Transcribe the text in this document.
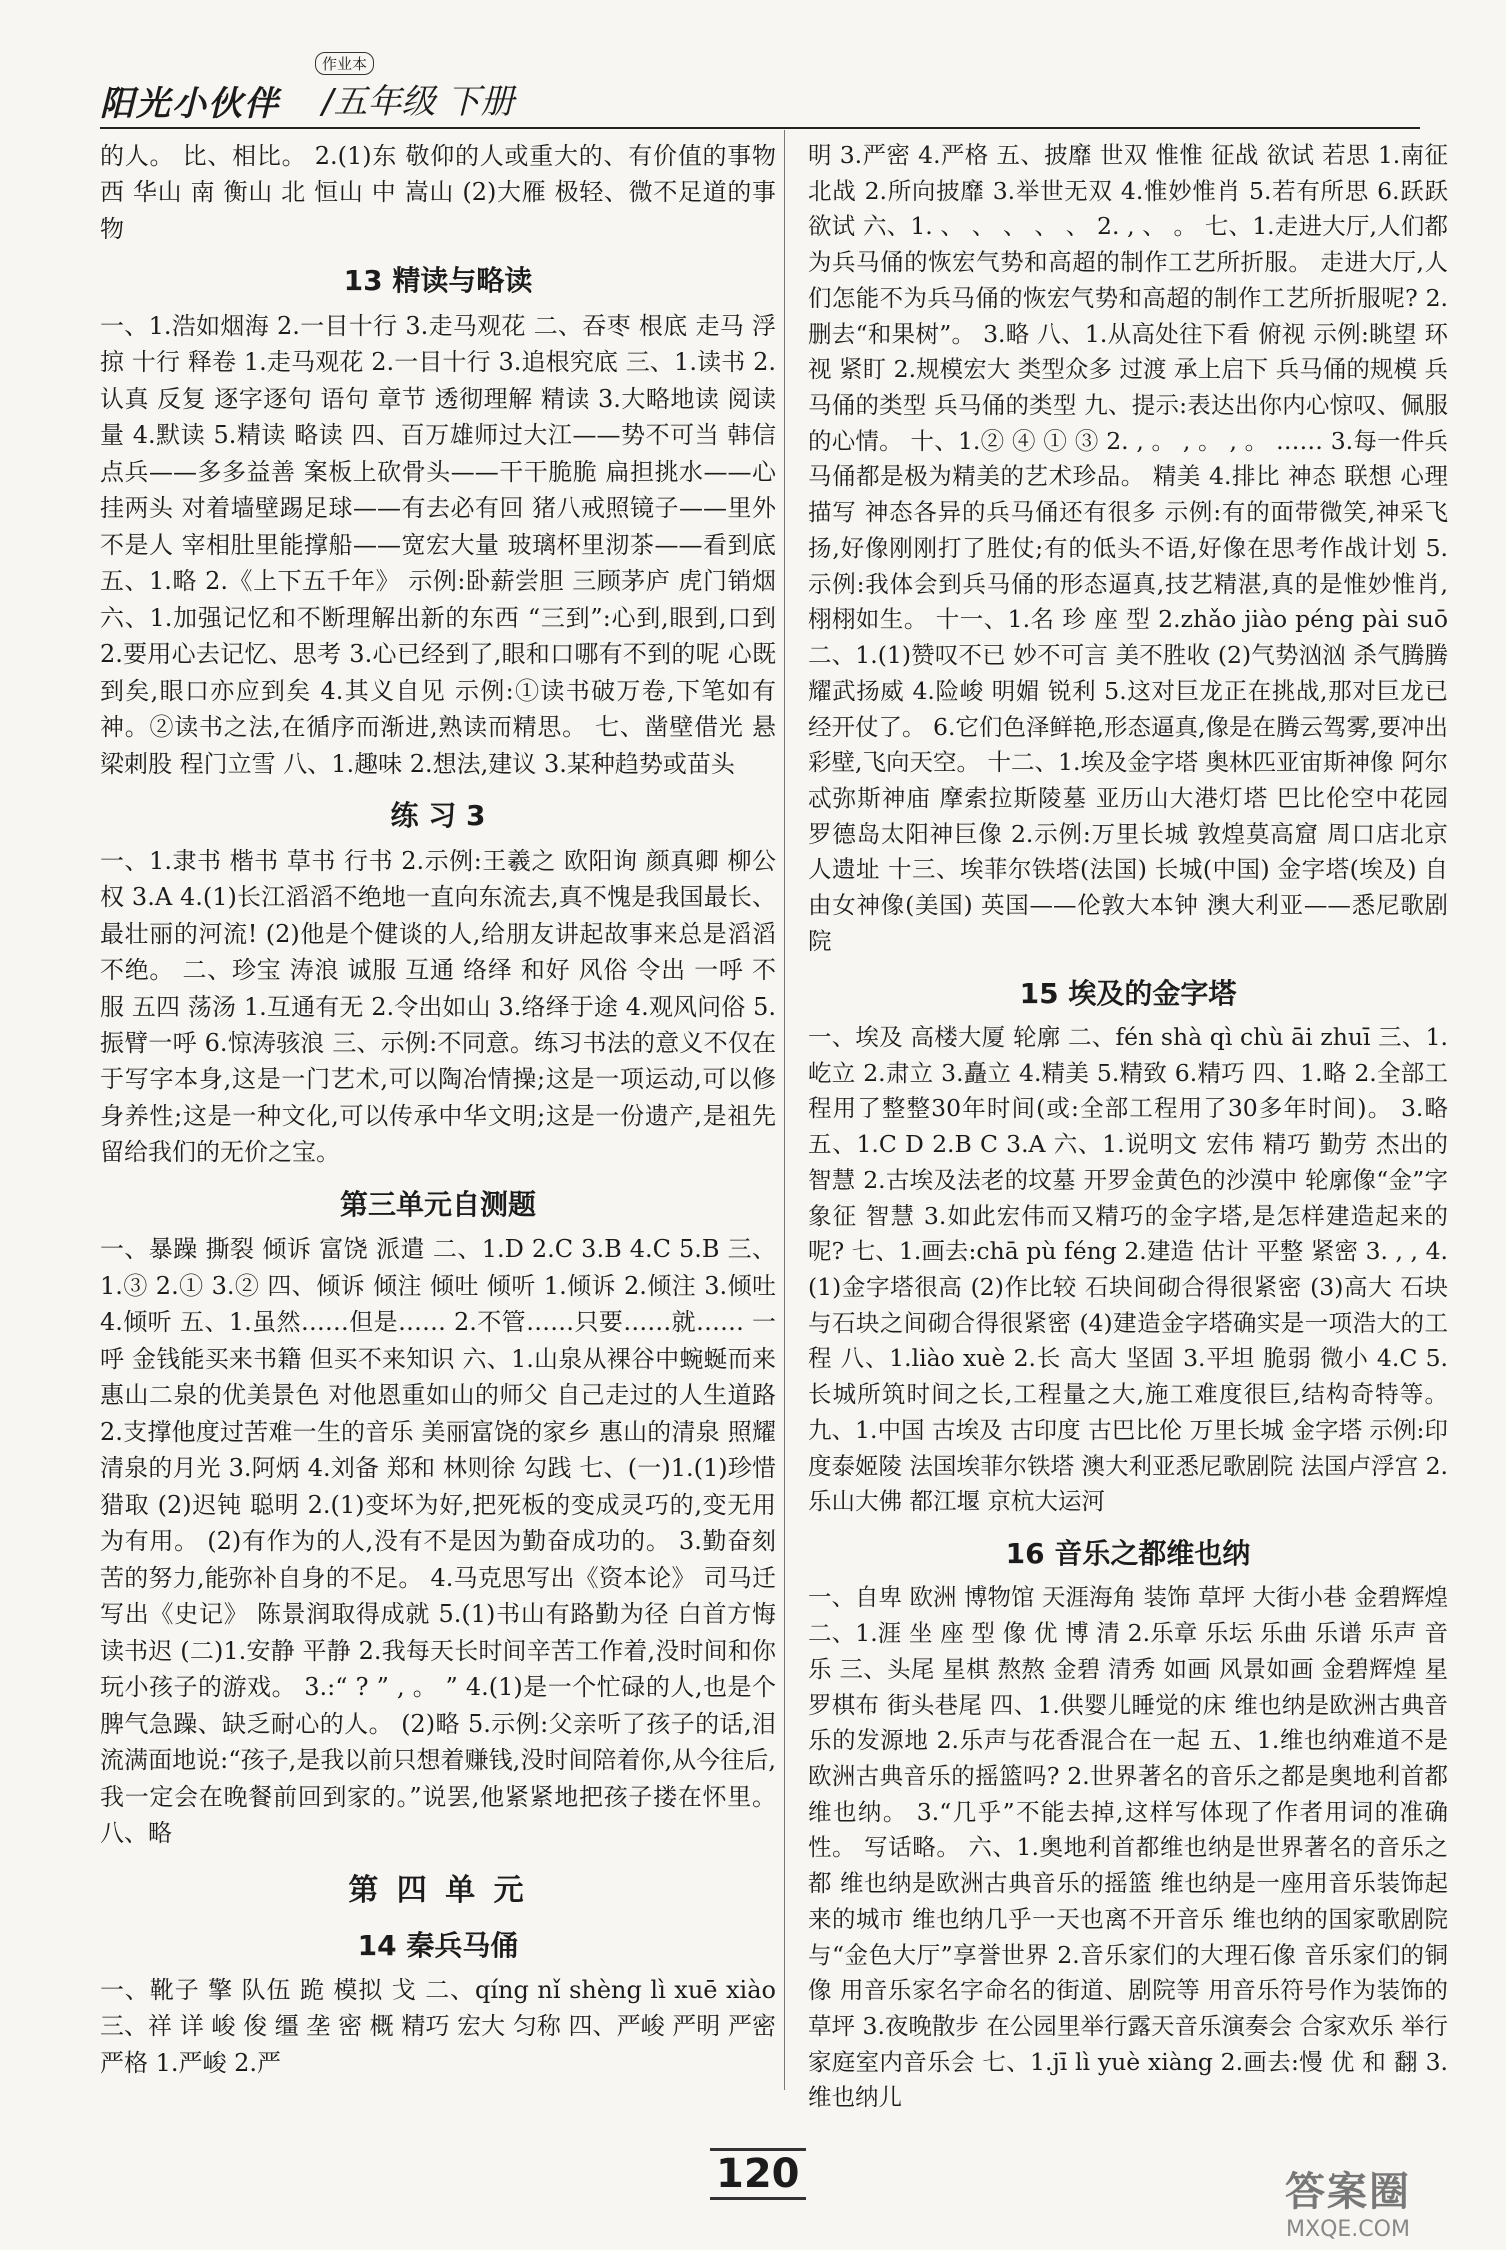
阳光小伙伴
作业本
/五年级 下册

的人。 比、相比。 2.(1)东 敬仰的人或重大的、有价值的事物 西 华山 南 衡山 北 恒山 中 嵩山 (2)大雁 极轻、微不足道的事物

13 精读与略读

一、1.浩如烟海 2.一目十行 3.走马观花 二、吞枣 根底 走马 浮掠 十行 释卷 1.走马观花 2.一目十行 3.追根究底 三、1.读书 2.认真 反复 逐字逐句 语句 章节 透彻理解 精读 3.大略地读 阅读量 4.默读 5.精读 略读 四、百万雄师过大江——势不可当 韩信点兵——多多益善 案板上砍骨头——干干脆脆 扁担挑水——心挂两头 对着墙壁踢足球——有去必有回 猪八戒照镜子——里外不是人 宰相肚里能撑船——宽宏大量 玻璃杯里沏茶——看到底 五、1.略 2.《上下五千年》 示例:卧薪尝胆 三顾茅庐 虎门销烟 六、1.加强记忆和不断理解出新的东西 “三到”:心到,眼到,口到 2.要用心去记忆、思考 3.心已经到了,眼和口哪有不到的呢 心既到矣,眼口亦应到矣 4.其义自见 示例:①读书破万卷,下笔如有神。②读书之法,在循序而渐进,熟读而精思。 七、凿壁借光 悬梁刺股 程门立雪 八、1.趣味 2.想法,建议 3.某种趋势或苗头

练 习 3

一、1.隶书 楷书 草书 行书 2.示例:王羲之 欧阳询 颜真卿 柳公权 3.A 4.(1)长江滔滔不绝地一直向东流去,真不愧是我国最长、最壮丽的河流! (2)他是个健谈的人,给朋友讲起故事来总是滔滔不绝。 二、珍宝 涛浪 诚服 互通 络绎 和好 风俗 令出 一呼 不服 五四 荡汤 1.互通有无 2.令出如山 3.络绎于途 4.观风问俗 5.振臂一呼 6.惊涛骇浪 三、示例:不同意。练习书法的意义不仅在于写字本身,这是一门艺术,可以陶冶情操;这是一项运动,可以修身养性;这是一种文化,可以传承中华文明;这是一份遗产,是祖先留给我们的无价之宝。

第三单元自测题

一、暴躁 撕裂 倾诉 富饶 派遣 二、1.D 2.C 3.B 4.C 5.B 三、1.③ 2.① 3.② 四、倾诉 倾注 倾吐 倾听 1.倾诉 2.倾注 3.倾吐 4.倾听 五、1.虽然……但是…… 2.不管……只要……就…… 一呼 金钱能买来书籍 但买不来知识 六、1.山泉从裸谷中蜿蜒而来 惠山二泉的优美景色 对他恩重如山的师父 自己走过的人生道路 2.支撑他度过苦难一生的音乐 美丽富饶的家乡 惠山的清泉 照耀清泉的月光 3.阿炳 4.刘备 郑和 林则徐 勾践 七、(一)1.(1)珍惜 猎取 (2)迟钝 聪明 2.(1)变坏为好,把死板的变成灵巧的,变无用为有用。 (2)有作为的人,没有不是因为勤奋成功的。 3.勤奋刻苦的努力,能弥补自身的不足。 4.马克思写出《资本论》 司马迁写出《史记》 陈景润取得成就 5.(1)书山有路勤为径 白首方悔读书迟 (二)1.安静 平静 2.我每天长时间辛苦工作着,没时间和你玩小孩子的游戏。 3.:“ ? ” , 。 ” 4.(1)是一个忙碌的人,也是个脾气急躁、缺乏耐心的人。 (2)略 5.示例:父亲听了孩子的话,泪流满面地说:“孩子,是我以前只想着赚钱,没时间陪着你,从今往后,我一定会在晚餐前回到家的。”说罢,他紧紧地把孩子搂在怀里。 八、略

第 四 单 元
14 秦兵马俑

一、靴子 擎 队伍 跪 模拟 戈 二、qíng nǐ shèng lì xuē xiào 三、祥 详 峻 俊 缰 垄 密 概 精巧 宏大 匀称 四、严峻 严明 严密 严格 1.严峻 2.严

明 3.严密 4.严格 五、披靡 世双 惟惟 征战 欲试 若思 1.南征北战 2.所向披靡 3.举世无双 4.惟妙惟肖 5.若有所思 6.跃跃欲试 六、1. 、 、 、 、 、 2. , 、 。 七、1.走进大厅,人们都为兵马俑的恢宏气势和高超的制作工艺所折服。 走进大厅,人们怎能不为兵马俑的恢宏气势和高超的制作工艺所折服呢? 2.删去“和果树”。 3.略 八、1.从高处往下看 俯视 示例:眺望 环视 紧盯 2.规模宏大 类型众多 过渡 承上启下 兵马俑的规模 兵马俑的类型 兵马俑的类型 九、提示:表达出你内心惊叹、佩服的心情。 十、1.② ④ ① ③ 2. , 。 , 。 , 。 …… 3.每一件兵马俑都是极为精美的艺术珍品。 精美 4.排比 神态 联想 心理描写 神态各异的兵马俑还有很多 示例:有的面带微笑,神采飞扬,好像刚刚打了胜仗;有的低头不语,好像在思考作战计划 5.示例:我体会到兵马俑的形态逼真,技艺精湛,真的是惟妙惟肖,栩栩如生。 十一、1.名 珍 座 型 2.zhǎo jiào péng pài suō 二、1.(1)赞叹不已 妙不可言 美不胜收 (2)气势汹汹 杀气腾腾 耀武扬威 4.险峻 明媚 锐利 5.这对巨龙正在挑战,那对巨龙已经开仗了。 6.它们色泽鲜艳,形态逼真,像是在腾云驾雾,要冲出彩壁,飞向天空。 十二、1.埃及金字塔 奥林匹亚宙斯神像 阿尔忒弥斯神庙 摩索拉斯陵墓 亚历山大港灯塔 巴比伦空中花园 罗德岛太阳神巨像 2.示例:万里长城 敦煌莫高窟 周口店北京人遗址 十三、埃菲尔铁塔(法国) 长城(中国) 金字塔(埃及) 自由女神像(美国) 英国——伦敦大本钟 澳大利亚——悉尼歌剧院

15 埃及的金字塔

一、埃及 高楼大厦 轮廓 二、fén shà qì chù āi zhuī 三、1.屹立 2.肃立 3.矗立 4.精美 5.精致 6.精巧 四、1.略 2.全部工程用了整整30年时间(或:全部工程用了30多年时间)。 3.略 五、1.C D 2.B C 3.A 六、1.说明文 宏伟 精巧 勤劳 杰出的智慧 2.古埃及法老的坟墓 开罗金黄色的沙漠中 轮廓像“金”字 象征 智慧 3.如此宏伟而又精巧的金字塔,是怎样建造起来的呢? 七、1.画去:chā pù féng 2.建造 估计 平整 紧密 3. , , 4.(1)金字塔很高 (2)作比较 石块间砌合得很紧密 (3)高大 石块与石块之间砌合得很紧密 (4)建造金字塔确实是一项浩大的工程 八、1.liào xuè 2.长 高大 坚固 3.平坦 脆弱 微小 4.C 5.长城所筑时间之长,工程量之大,施工难度很巨,结构奇特等。 九、1.中国 古埃及 古印度 古巴比伦 万里长城 金字塔 示例:印度泰姬陵 法国埃菲尔铁塔 澳大利亚悉尼歌剧院 法国卢浮宫 2.乐山大佛 都江堰 京杭大运河

16 音乐之都维也纳

一、自卑 欧洲 博物馆 天涯海角 装饰 草坪 大街小巷 金碧辉煌 二、1.涯 坐 座 型 像 优 博 清 2.乐章 乐坛 乐曲 乐谱 乐声 音乐 三、头尾 星棋 熬熬 金碧 清秀 如画 风景如画 金碧辉煌 星罗棋布 街头巷尾 四、1.供婴儿睡觉的床 维也纳是欧洲古典音乐的发源地 2.乐声与花香混合在一起 五、1.维也纳难道不是欧洲古典音乐的摇篮吗? 2.世界著名的音乐之都是奥地利首都维也纳。 3.“几乎”不能去掉,这样写体现了作者用词的准确性。 写话略。 六、1.奥地利首都维也纳是世界著名的音乐之都 维也纳是欧洲古典音乐的摇篮 维也纳是一座用音乐装饰起来的城市 维也纳几乎一天也离不开音乐 维也纳的国家歌剧院与“金色大厅”享誉世界 2.音乐家们的大理石像 音乐家们的铜像 用音乐家名字命名的街道、剧院等 用音乐符号作为装饰的草坪 3.夜晚散步 在公园里举行露天音乐演奏会 合家欢乐 举行家庭室内音乐会 七、1.jī lì yuè xiàng 2.画去:慢 优 和 翻 3.维也纳儿

120	答案圈
MXQE.COM
